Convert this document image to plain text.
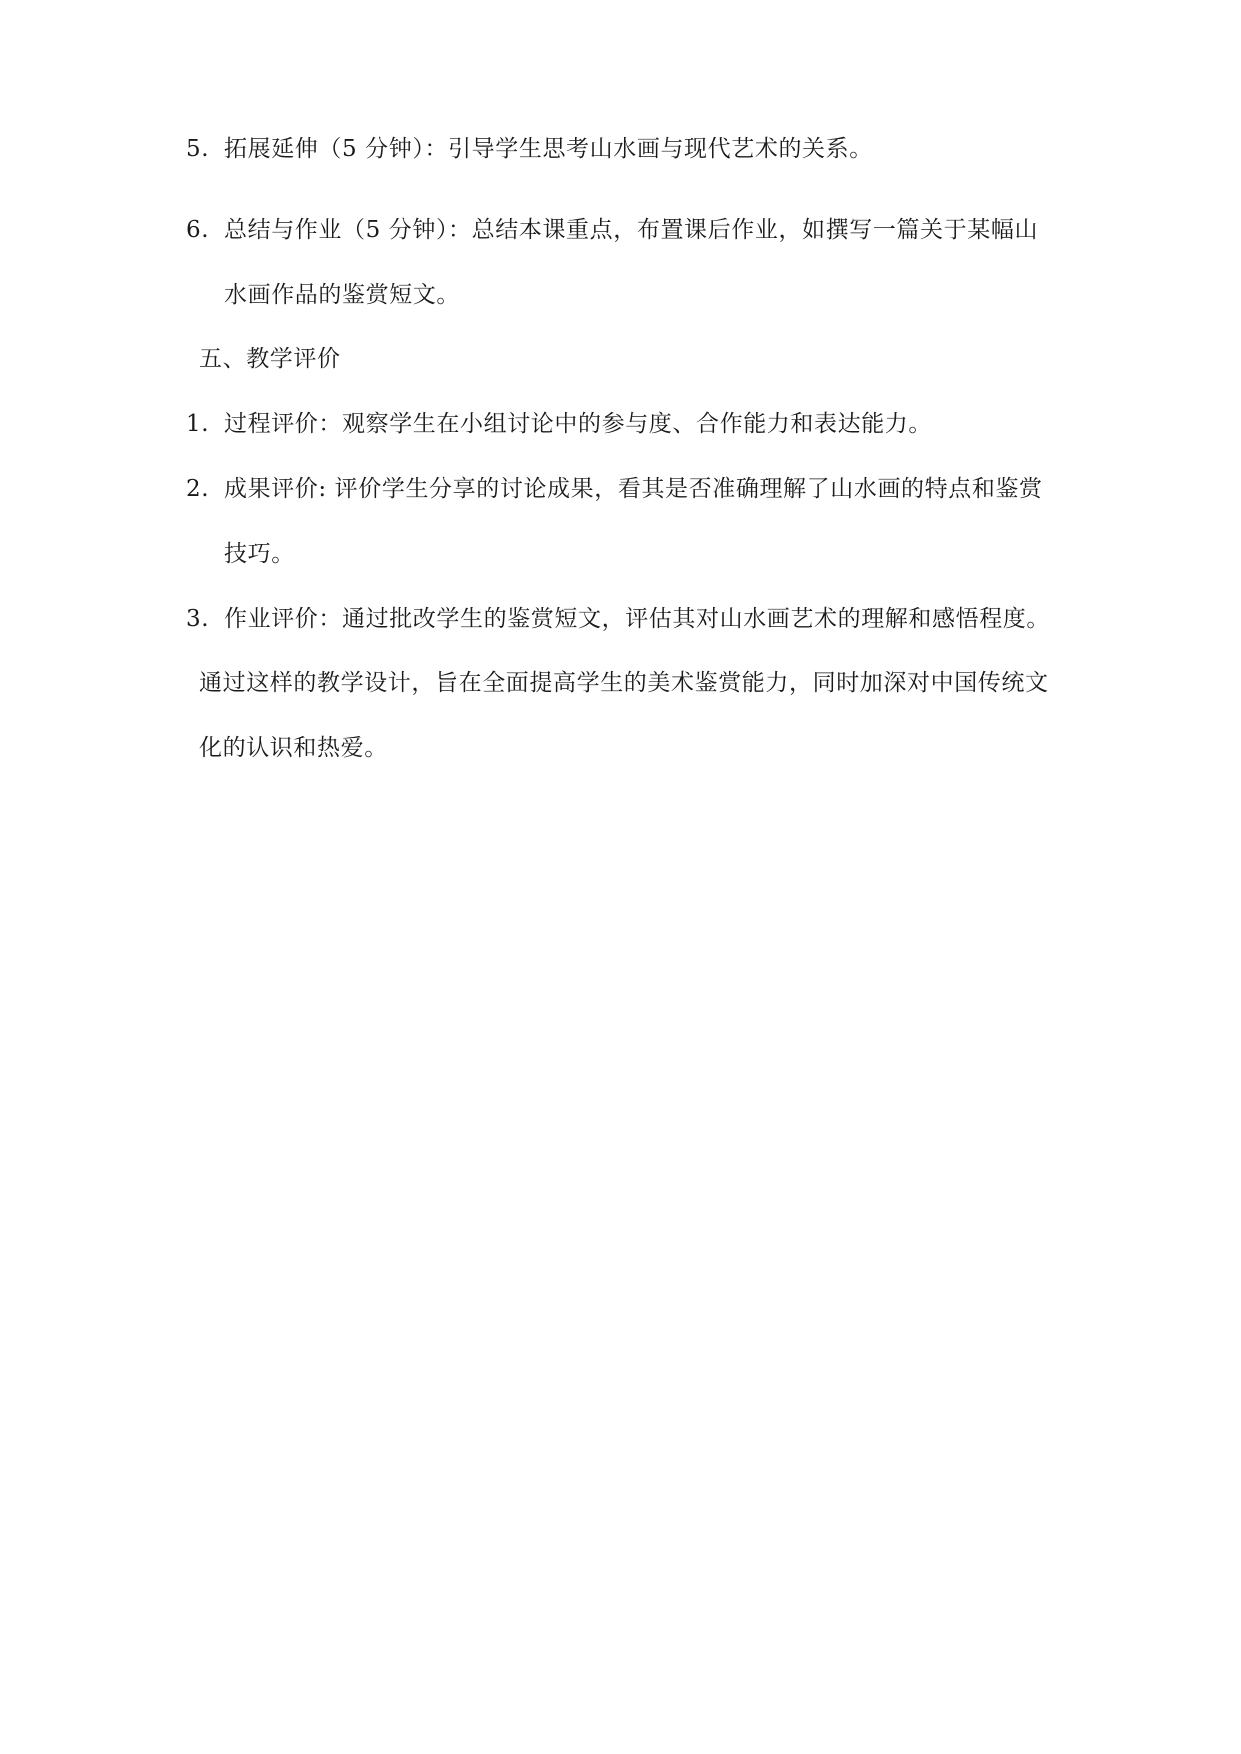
5. 拓展延伸（5 分钟）：引导学生思考山水画与现代艺术的关系。
6. 总结与作业（5 分钟）：总结本课重点，布置课后作业，如撰写一篇关于某幅山
水画作品的鉴赏短文。
五、教学评价
1. 过程评价：观察学生在小组讨论中的参与度、合作能力和表达能力。
2. 成果评价: 评价学生分享的讨论成果，看其是否准确理解了山水画的特点和鉴赏
技巧。
3. 作业评价：通过批改学生的鉴赏短文，评估其对山水画艺术的理解和感悟程度。
通过这样的教学设计，旨在全面提高学生的美术鉴赏能力，同时加深对中国传统文
化的认识和热爱。
